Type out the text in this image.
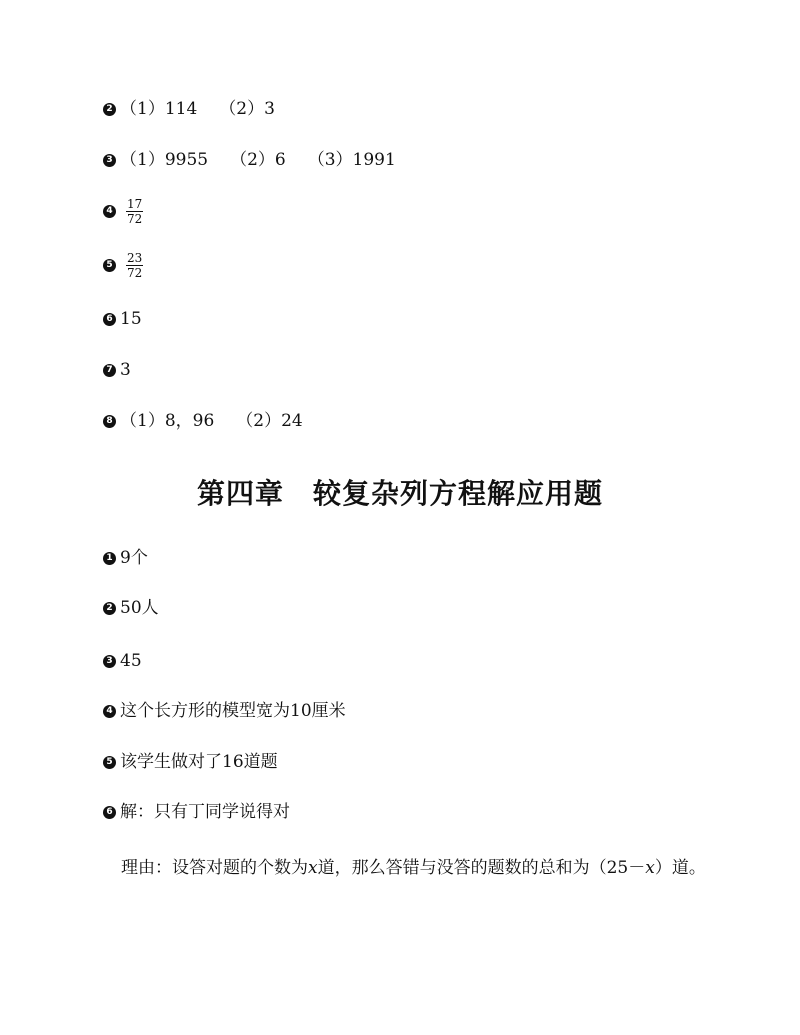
2 （1）114 （2）3
3 （1）9955 （2）6 （3）1991
$4 \frac{17}{72}$
$5 \frac{23}{72}$
6 15
7 3
8 （1）8，96 （2）24
第四章　较复杂列方程解应用题
1 9个
2 50人
3 45
4 这个长方形的模型宽为10厘米
5 该学生做对了16道题
6 解：只有丁同学说得对
理由：设答对题的个数为x道，那么答错与没答的题数的总和为（25－x）道。
